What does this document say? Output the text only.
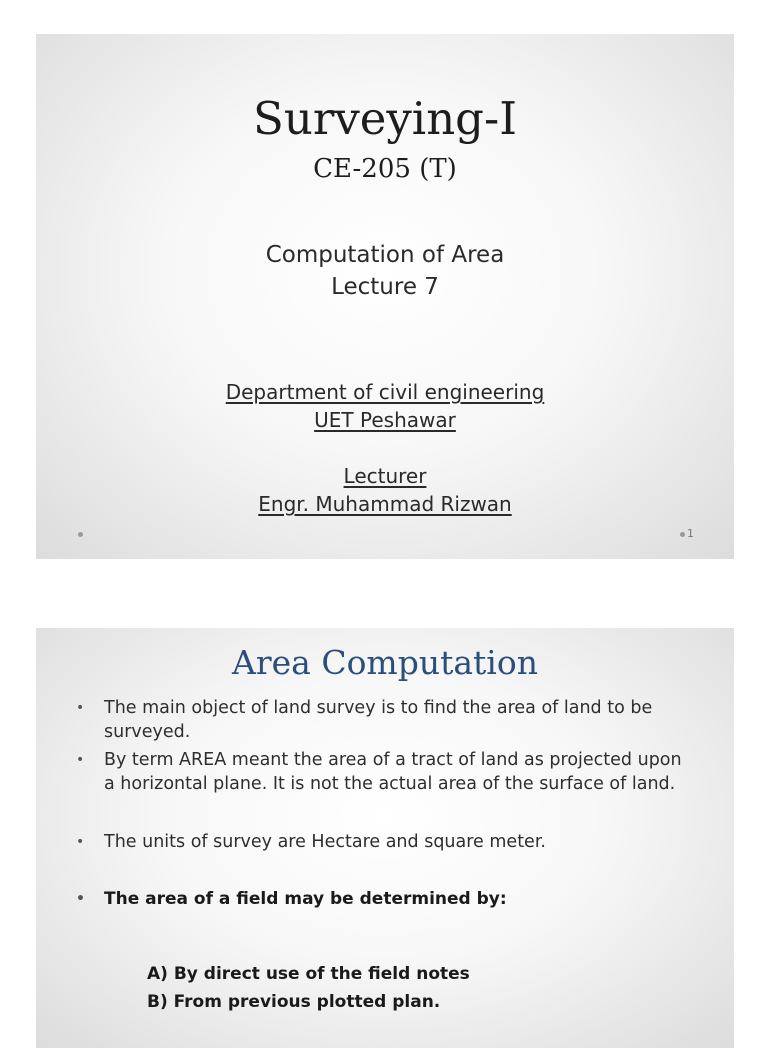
Surveying-I
CE-205 (T)
Computation of Area
Lecture 7
Department of civil engineering
UET Peshawar
Lecturer
Engr. Muhammad Rizwan
1
Area Computation
• The main object of land survey is to find the area of land to be surveyed.
• By term AREA meant the area of a tract of land as projected upon a horizontal plane. It is not the actual area of the surface of land.
• The units of survey are Hectare and square meter.
• The area of a field may be determined by:
A) By direct use of the field notes
B) From previous plotted plan.
